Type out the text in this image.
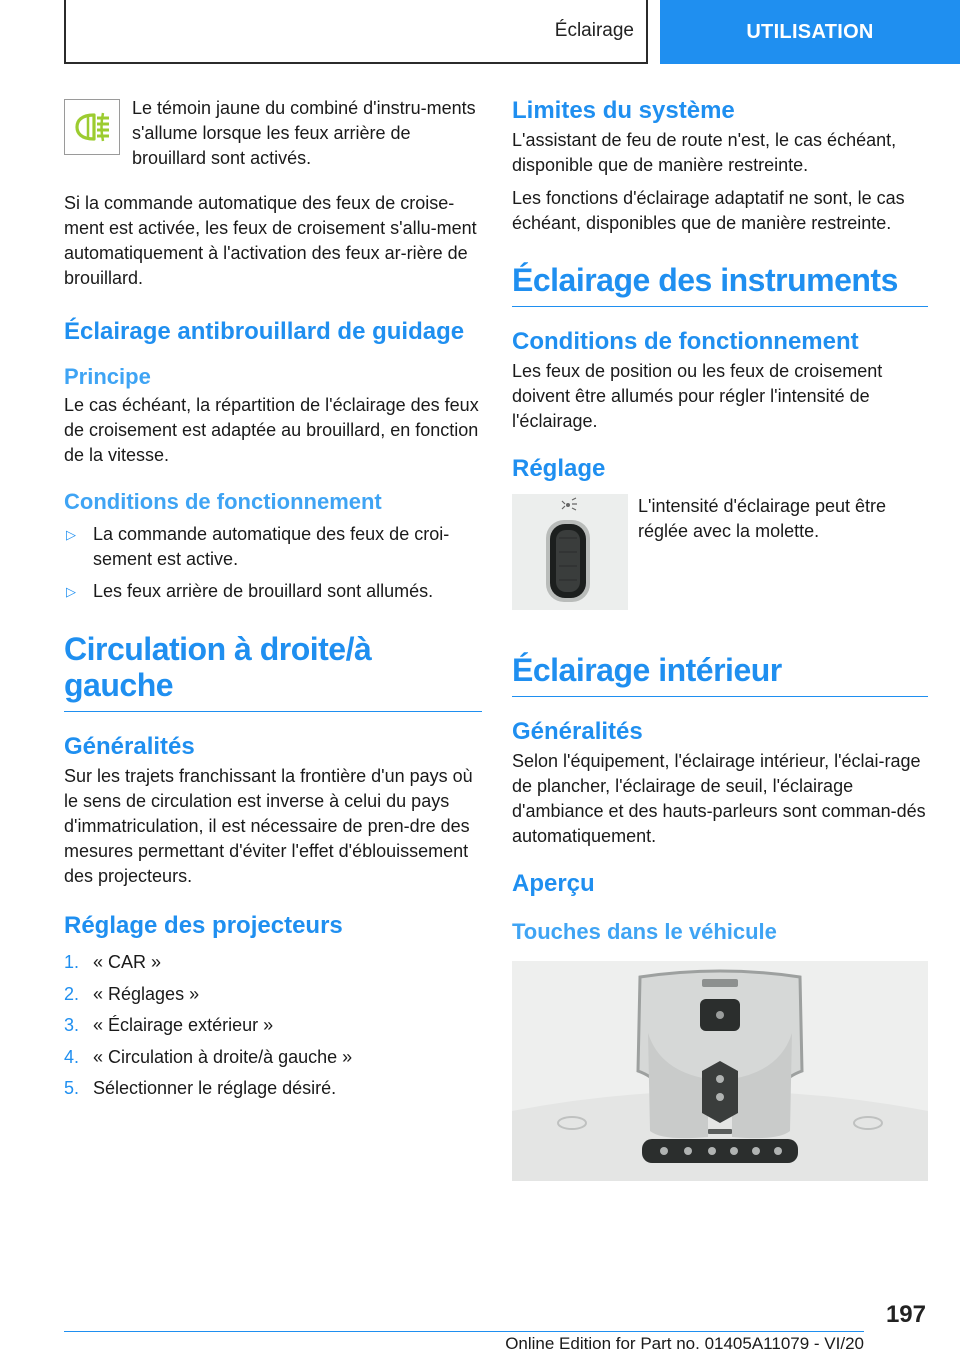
Éclairage	UTILISATION

Le témoin jaune du combiné d'instru-ments s'allume lorsque les feux arrière de brouillard sont activés.

Si la commande automatique des feux de croise-ment est activée, les feux de croisement s'allu-ment automatiquement à l'activation des feux ar-rière de brouillard.

Éclairage antibrouillard de guidage
Principe

Le cas échéant, la répartition de l'éclairage des feux de croisement est adaptée au brouillard, en fonction de la vitesse.

Conditions de fonctionnement
▷ La commande automatique des feux de croi-sement est active.
▷ Les feux arrière de brouillard sont allumés.
Circulation à droite/à gauche
Généralités

Sur les trajets franchissant la frontière d'un pays où le sens de circulation est inverse à celui du pays d'immatriculation, il est nécessaire de pren-dre des mesures permettant d'éviter l'effet d'éblouissement des projecteurs.

Réglage des projecteurs
1. « CAR »
2. « Réglages »
3. « Éclairage extérieur »
4. « Circulation à droite/à gauche »
5. Sélectionner le réglage désiré.
Limites du système

L'assistant de feu de route n'est, le cas échéant, disponible que de manière restreinte.

Les fonctions d'éclairage adaptatif ne sont, le cas échéant, disponibles que de manière restreinte.

Éclairage des instruments
Conditions de fonctionnement

Les feux de position ou les feux de croisement doivent être allumés pour régler l'intensité de l'éclairage.

Réglage

L'intensité d'éclairage peut être réglée avec la molette.

Éclairage intérieur
Généralités

Selon l'équipement, l'éclairage intérieur, l'éclai-rage de plancher, l'éclairage de seuil, l'éclairage d'ambiance et des hauts-parleurs sont comman-dés automatiquement.

Aperçu
Touches dans le véhicule
197
Online Edition for Part no. 01405A11079 - VI/20
